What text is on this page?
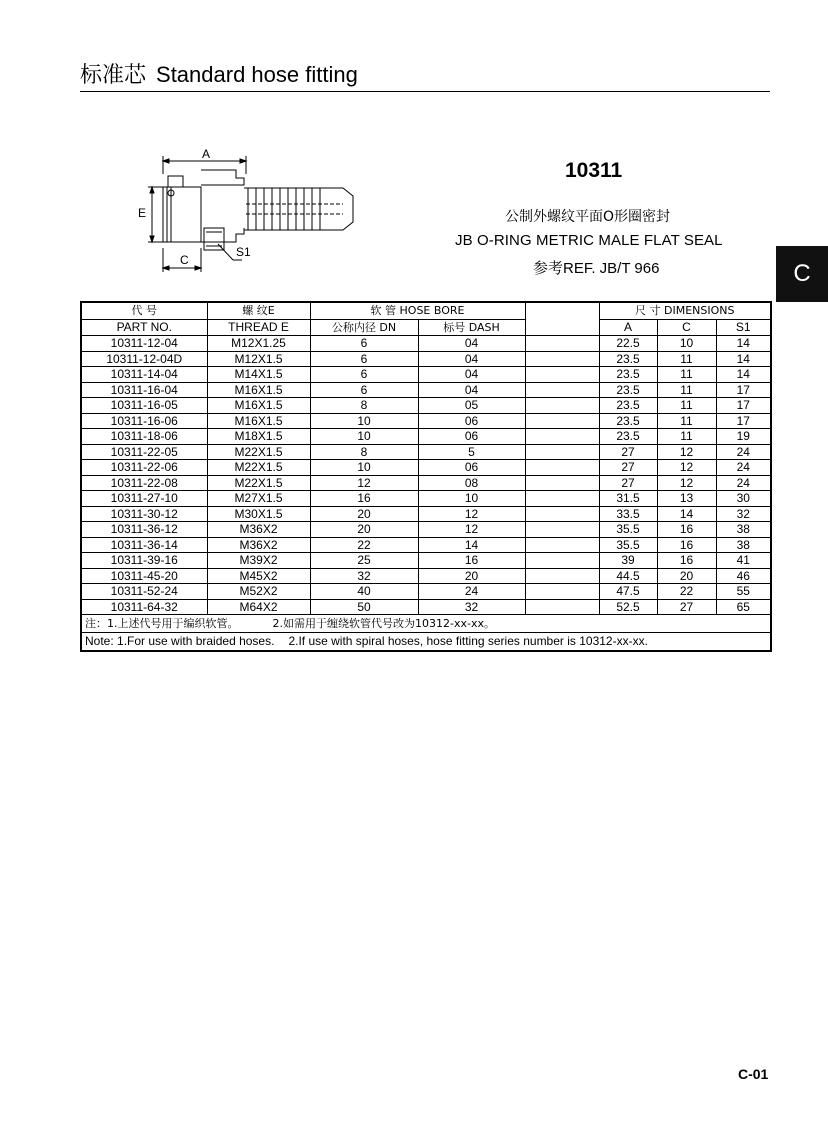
标准芯 Standard hose fitting
A
E
C
S1
10311
公制外螺纹平面O形圈密封
JB O-RING METRIC MALE FLAT SEAL
参考REF. JB/T 966	C
代 号	螺 纹E	软 管 HOSE BORE			尺 寸 DIMENSIONS		
PART NO.	THREAD E	公称内径 DN	标号 DASH		A	C	S1
10311-12-04	M12X1.25	6	04		22.5	10	14
10311-12-04D	M12X1.5	6	04		23.5	11	14
10311-14-04	M14X1.5	6	04		23.5	11	14
10311-16-04	M16X1.5	6	04		23.5	11	17
10311-16-05	M16X1.5	8	05		23.5	11	17
10311-16-06	M16X1.5	10	06		23.5	11	17
10311-18-06	M18X1.5	10	06		23.5	11	19
10311-22-05	M22X1.5	8	5		27	12	24
10311-22-06	M22X1.5	10	06		27	12	24
10311-22-08	M22X1.5	12	08		27	12	24
10311-27-10	M27X1.5	16	10		31.5	13	30
10311-30-12	M30X1.5	20	12		33.5	14	32
10311-36-12	M36X2	20	12		35.5	16	38
10311-36-14	M36X2	22	14		35.5	16	38
10311-39-16	M39X2	25	16		39	16	41
10311-45-20	M45X2	32	20		44.5	20	46
10311-52-24	M52X2	40	24		47.5	22	55
10311-64-32	M64X2	50	32		52.5	27	65
注：1.上述代号用于编织软管。 2.如需用于缠绕软管代号改为10312-xx-xx。							
Note: 1.For use with braided hoses. 2.If use with spiral hoses, hose fitting series number is 10312-xx-xx.							
C-01
